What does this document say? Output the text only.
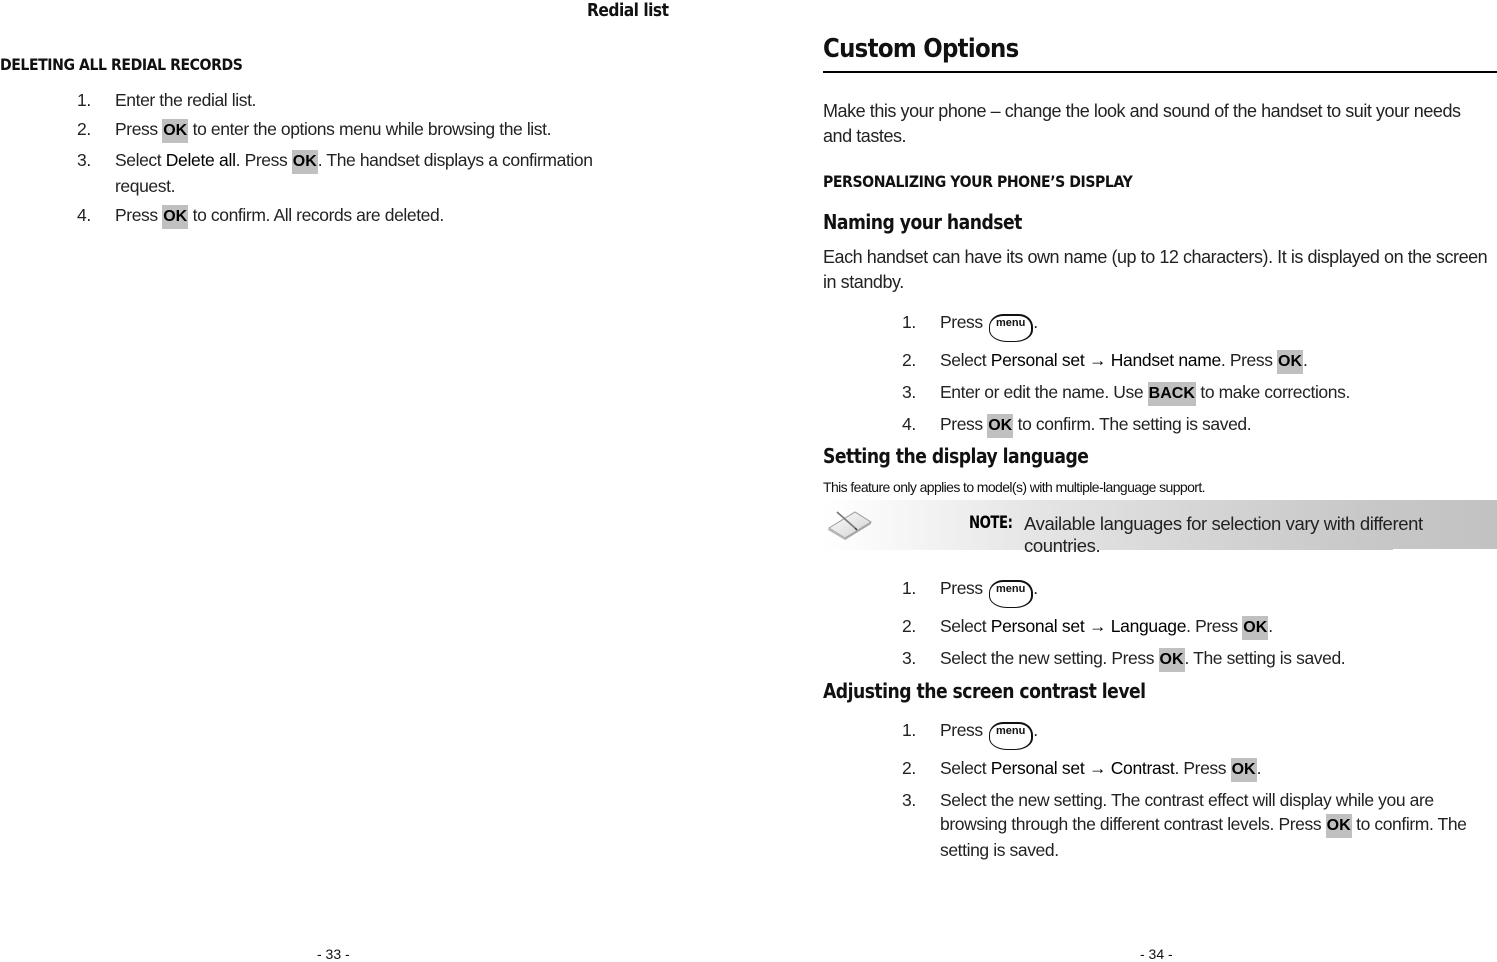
Redial list
DELETING ALL REDIAL RECORDS
1.	Enter the redial list.
2.	Press OK to enter the options menu while browsing the list.
3.	Select Delete all. Press OK. The handset displays a confirmation request.
4.	Press OK to confirm. All records are deleted.
- 33 -
Custom Options

Make this your phone – change the look and sound of the handset to suit your needs and tastes.

PERSONALIZING YOUR PHONE’S DISPLAY
Naming your handset

Each handset can have its own name (up to 12 characters). It is displayed on the screen in standby.

1.	Press menu .
2.	Select Personal set → Handset name. Press OK.
3.	Enter or edit the name. Use BACK to make corrections.
4.	Press OK to confirm. The setting is saved.
Setting the display language
This feature only applies to model(s) with multiple-language support.
NOTE: Available languages for selection vary with different countries.
1.	Press menu .
2.	Select Personal set → Language. Press OK.
3.	Select the new setting. Press OK. The setting is saved.
Adjusting the screen contrast level
1.	Press menu .
2.	Select Personal set → Contrast. Press OK.
3.	Select the new setting. The contrast effect will display while you are browsing through the different contrast levels. Press OK to confirm. The setting is saved.
- 34 -
